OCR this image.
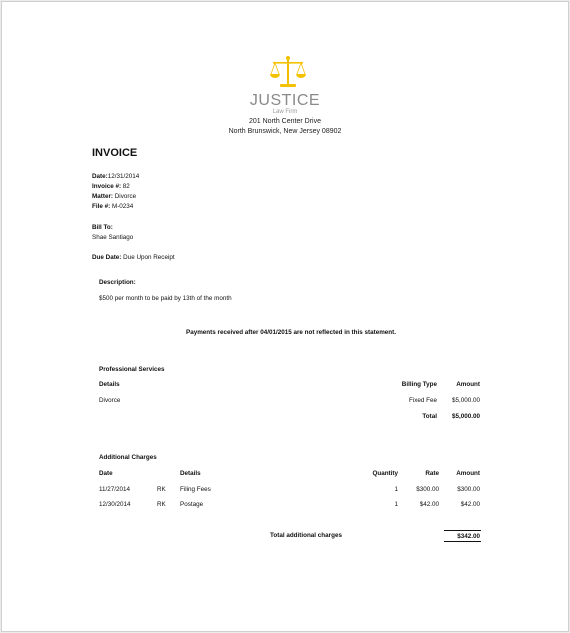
JUSTICE
Law Firm
201 North Center Drive
North Brunswick, New Jersey 08902
INVOICE
Date:12/31/2014
Invoice #: 82
Matter: Divorce
File #: M-0234
Bill To:
Shae Santiago
Due Date: Due Upon Receipt
Description:
$500 per month to be paid by 13th of the month
Payments received after 04/01/2015 are not reflected in this statement.
Professional Services
Details	Billing Type	Amount
Divorce	Fixed Fee	$5,000.00
Total	$5,000.00
Additional Charges
Date	Details	Quantity	Rate	Amount
11/27/2014	RK Filing Fees	1	$300.00	$300.00
12/30/2014	RK Postage	1	$42.00	$42.00
Total additional charges	$342.00
